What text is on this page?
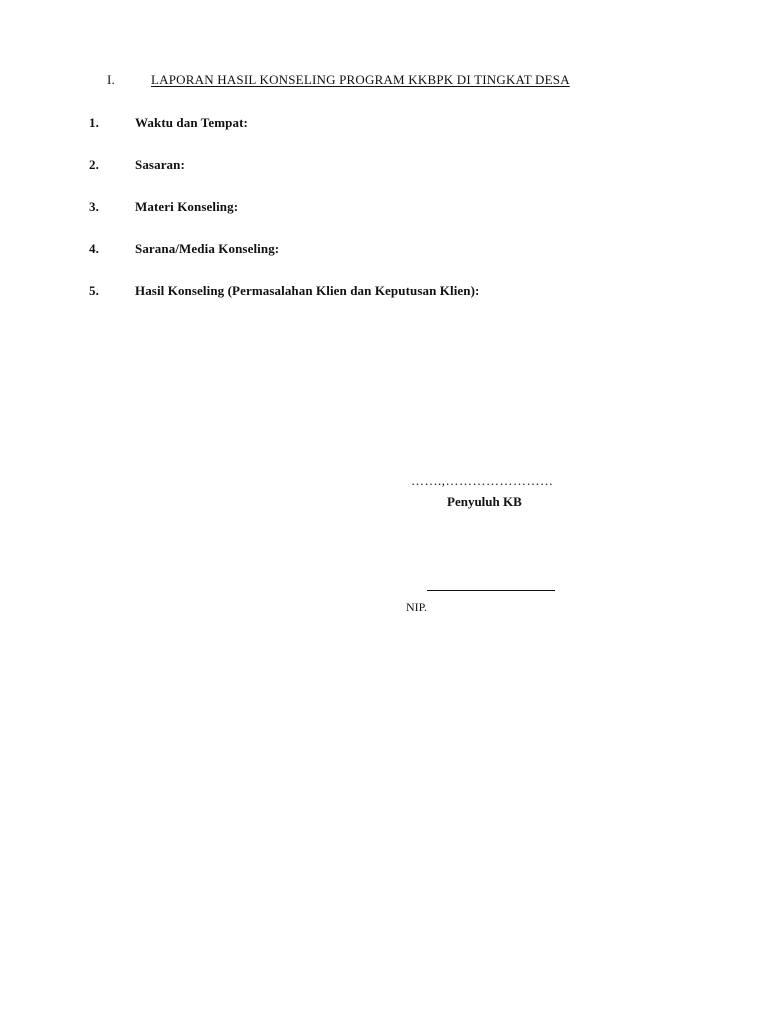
I.	LAPORAN HASIL KONSELING PROGRAM KKBPK DI TINGKAT DESA
1.	Waktu dan Tempat:
2.	Sasaran:
3.	Materi Konseling:
4.	Sarana/Media Konseling:
5.	Hasil Konseling (Permasalahan Klien dan Keputusan Klien):
…….,……………………
Penyuluh KB
NIP.
